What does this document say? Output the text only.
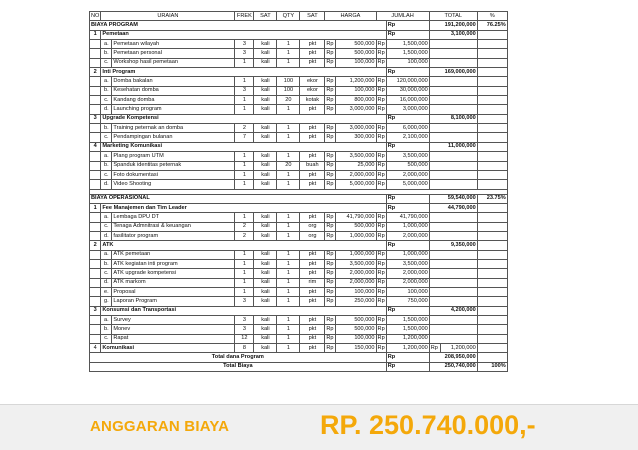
NO	URAIAN		FREK	SAT	QTY	SAT	HARGA		JUMLAH		TOTAL		%
BIAYA PROGRAM										Rp	191,200,000		76.25%
1	Pemetaan									Rp	3,100,000		
	a.	Pemetaan wilayah	3	kali	1	pkt	Rp	500,000	Rp	1,500,000			
	b.	Pemetaan personal	3	kali	1	pkt	Rp	500,000	Rp	1,500,000			
	c.	Workshop hasil pemetaan	1	kali	1	pkt	Rp	100,000	Rp	100,000			
2	Inti Program									Rp	169,000,000		
	a.	Domba bakalan	1	kali	100	ekor	Rp	1,200,000	Rp	120,000,000			
	b.	Kesehatan domba	3	kali	100	ekor	Rp	100,000	Rp	30,000,000			
	c.	Kandang domba	1	kali	20	kotak	Rp	800,000	Rp	16,000,000			
	d.	Launching program	1	kali	1	pkt	Rp	3,000,000	Rp	3,000,000			
3	Upgrade Kompetensi									Rp	8,100,000		
	b.	Training peternak an domba	2	kali	1	pkt	Rp	3,000,000	Rp	6,000,000			
	c.	Pendampingan bulanan	7	kali	1	pkt	Rp	300,000	Rp	2,100,000			
4	Marketing Komunikasi									Rp	11,000,000		
	a.	Plang program UTM	1	kali	1	pkt	Rp	3,500,000	Rp	3,500,000			
	b.	Spanduk identitas peternak	1	kali	20	buah	Rp	25,000	Rp	500,000			
	c.	Foto dokumentasi	1	kali	1	pkt	Rp	2,000,000	Rp	2,000,000			
	d.	Video Shooting	1	kali	1	pkt	Rp	5,000,000	Rp	5,000,000			

BIAYA OPERASIONAL										Rp	59,540,000		23.75%
1	Fee Manajemen dan Tim Leader									Rp	44,790,000		
	a.	Lembaga DPU DT	1	kali	1	pkt	Rp	41,790,000	Rp	41,790,000			
	c.	Tenaga Admnitrasi & keuangan	2	kali	1	org	Rp	500,000	Rp	1,000,000			
	d.	fasilitator program	2	kali	1	org	Rp	1,000,000	Rp	2,000,000			
2	ATK									Rp	9,350,000		
	a.	ATK pemetaan	1	kali	1	pkt	Rp	1,000,000	Rp	1,000,000			
	b.	ATK kegiatan inti program	1	kali	1	pkt	Rp	3,500,000	Rp	3,500,000			
	c.	ATK upgrade kompetensi	1	kali	1	pkt	Rp	2,000,000	Rp	2,000,000			
	d.	ATK markom	1	kali	1	rim	Rp	2,000,000	Rp	2,000,000			
	e.	Proposal	1	kali	1	pkt	Rp	100,000	Rp	100,000			
	g.	Laporan Program	3	kali	1	pkt	Rp	250,000	Rp	750,000			
3	Konsumsi dan Transportasi									Rp	4,200,000		
	a.	Survey	3	kali	1	pkt	Rp	500,000	Rp	1,500,000			
	b.	Monev	3	kali	1	pkt	Rp	500,000	Rp	1,500,000			
	c.	Rapat	12	kali	1	pkt	Rp	100,000	Rp	1,200,000			
4	Komunikasi		8	kali	1	pkt	Rp	150,000	Rp	1,200,000	Rp	1,200,000	
Total dana Program										Rp	208,950,000		
Total Biaya										Rp	250,740,000		100%
ANGGARAN BIAYA	RP. 250.740.000,-
